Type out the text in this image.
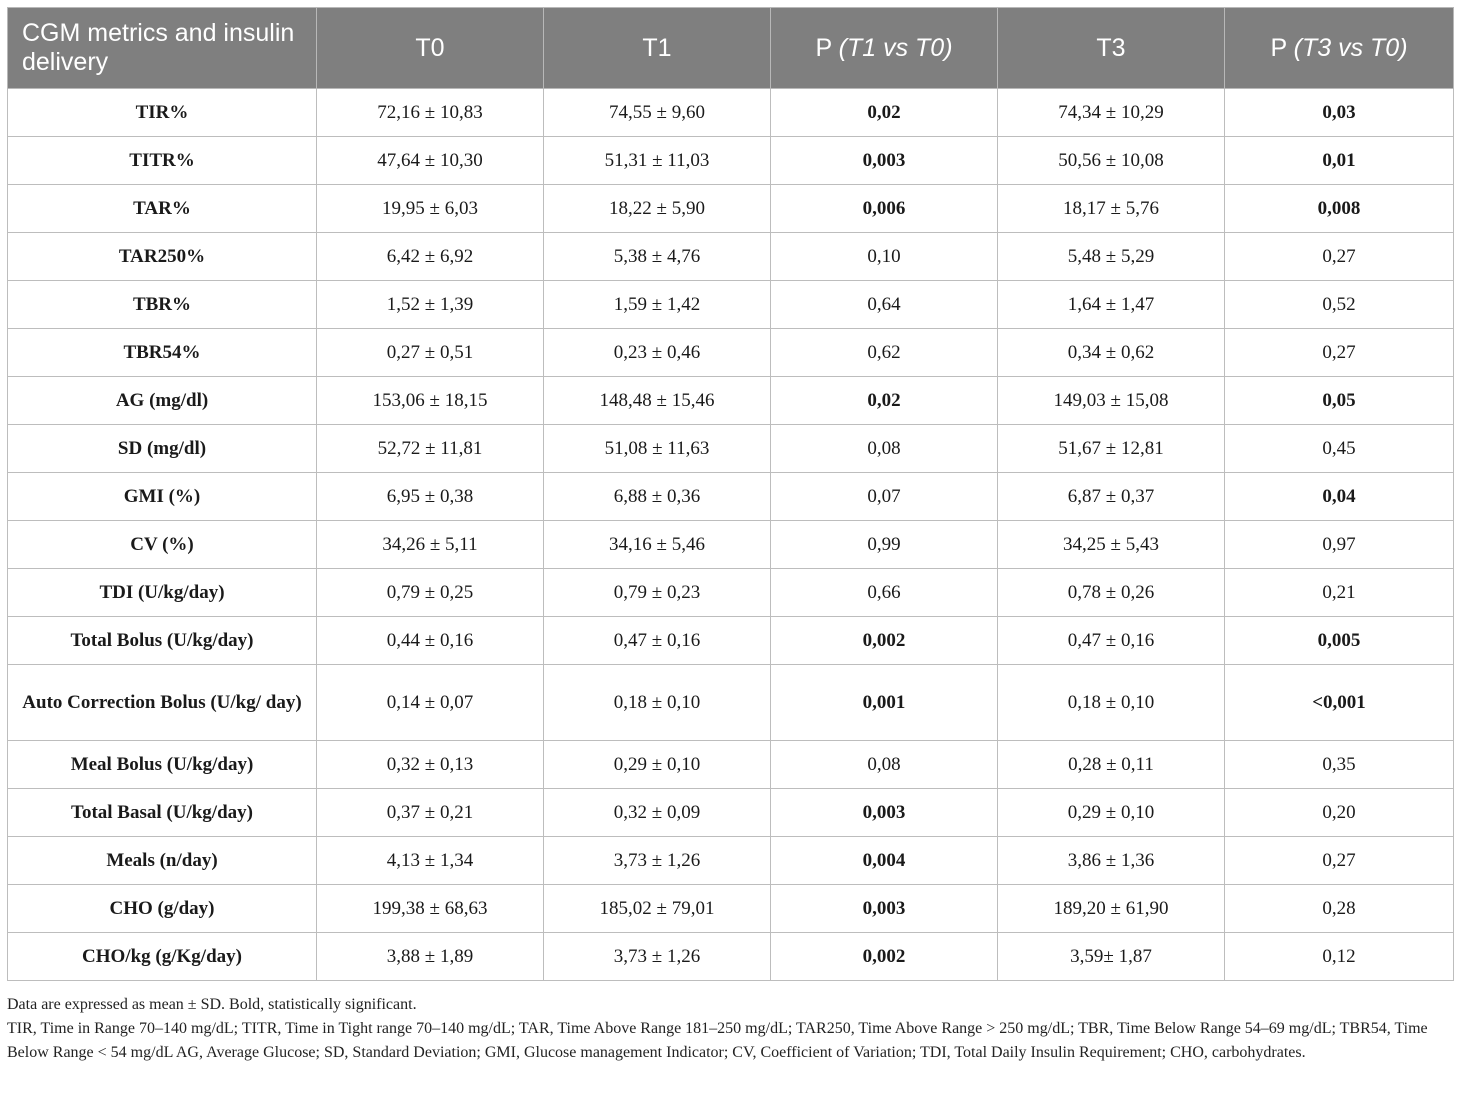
CGM metrics and insulin delivery	T0	T1	P (T1 vs T0)	T3	P (T3 vs T0)
TIR%	72,16 ± 10,83	74,55 ± 9,60	0,02	74,34 ± 10,29	0,03
TITR%	47,64 ± 10,30	51,31 ± 11,03	0,003	50,56 ± 10,08	0,01
TAR%	19,95 ± 6,03	18,22 ± 5,90	0,006	18,17 ± 5,76	0,008
TAR250%	6,42 ± 6,92	5,38 ± 4,76	0,10	5,48 ± 5,29	0,27
TBR%	1,52 ± 1,39	1,59 ± 1,42	0,64	1,64 ± 1,47	0,52
TBR54%	0,27 ± 0,51	0,23 ± 0,46	0,62	0,34 ± 0,62	0,27
AG (mg/dl)	153,06 ± 18,15	148,48 ± 15,46	0,02	149,03 ± 15,08	0,05
SD (mg/dl)	52,72 ± 11,81	51,08 ± 11,63	0,08	51,67 ± 12,81	0,45
GMI (%)	6,95 ± 0,38	6,88 ± 0,36	0,07	6,87 ± 0,37	0,04
CV (%)	34,26 ± 5,11	34,16 ± 5,46	0,99	34,25 ± 5,43	0,97
TDI (U/kg/day)	0,79 ± 0,25	0,79 ± 0,23	0,66	0,78 ± 0,26	0,21
Total Bolus (U/kg/day)	0,44 ± 0,16	0,47 ± 0,16	0,002	0,47 ± 0,16	0,005
Auto Correction Bolus (U/kg/ day)	0,14 ± 0,07	0,18 ± 0,10	0,001	0,18 ± 0,10	<0,001
Meal Bolus (U/kg/day)	0,32 ± 0,13	0,29 ± 0,10	0,08	0,28 ± 0,11	0,35
Total Basal (U/kg/day)	0,37 ± 0,21	0,32 ± 0,09	0,003	0,29 ± 0,10	0,20
Meals (n/day)	4,13 ± 1,34	3,73 ± 1,26	0,004	3,86 ± 1,36	0,27
CHO (g/day)	199,38 ± 68,63	185,02 ± 79,01	0,003	189,20 ± 61,90	0,28
CHO/kg (g/Kg/day)	3,88 ± 1,89	3,73 ± 1,26	0,002	3,59± 1,87	0,12

Data are expressed as mean ± SD. Bold, statistically significant.

TIR, Time in Range 70–140 mg/dL; TITR, Time in Tight range 70–140 mg/dL; TAR, Time Above Range 181–250 mg/dL; TAR250, Time Above Range > 250 mg/dL; TBR, Time Below Range 54–69 mg/dL; TBR54, Time Below Range < 54 mg/dL AG, Average Glucose; SD, Standard Deviation; GMI, Glucose management Indicator; CV, Coefficient of Variation; TDI, Total Daily Insulin Requirement; CHO, carbohydrates.
